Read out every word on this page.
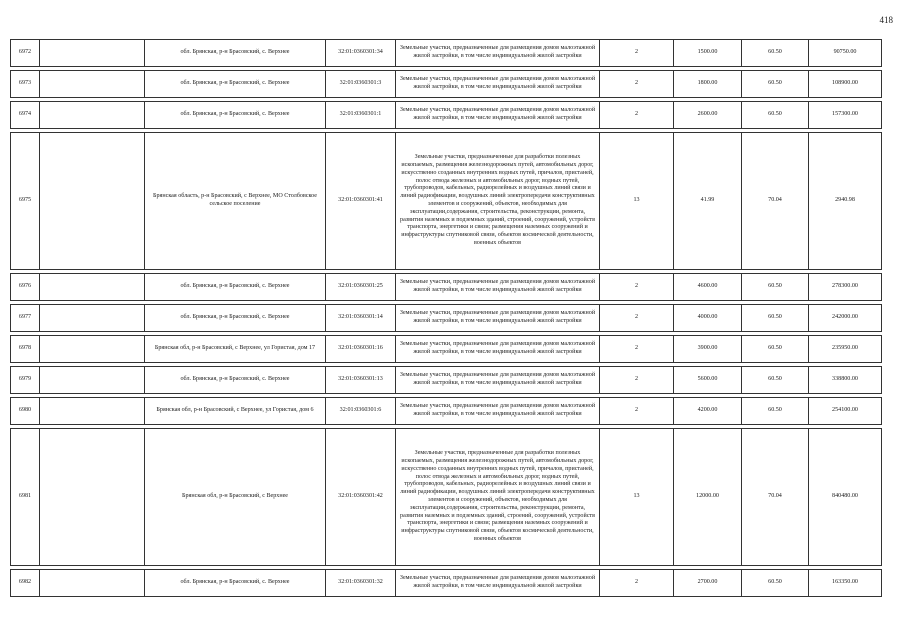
418
6972		обл. Брянская, р-н Брасовский, с. Верхнее	32:01:0360301:34	Земельные участки, предназначенные для размещения домов малоэтажной жилой застройки, в том числе индивидуальной жилой застройки	2	1500.00	60.50	90750.00

6973		обл. Брянская, р-н Брасовский, с. Верхнее	32:01:0360301:3	Земельные участки, предназначенные для размещения домов малоэтажной жилой застройки, в том числе индивидуальной жилой застройки	2	1800.00	60.50	108900.00

6974		обл. Брянская, р-н Брасовский, с. Верхнее	32:01:0360301:1	Земельные участки, предназначенные для размещения домов малоэтажной жилой застройки, в том числе индивидуальной жилой застройки	2	2600.00	60.50	157300.00

6975		Брянская область, р-н Брасовский, с Верхнее, МО Столбовское сельское поселение	32:01:0360301:41	Земельные участки, предназначенные для разработки полезных ископаемых, размещения железнодорожных путей, автомобильных дорог, искусственно созданных внутренних водных путей, причалов, пристаней, полос отвода железных и автомобильных дорог, водных путей, трубопроводов, кабельных, радиорелейных и воздушных линий связи и линий радиофикации, воздушных линий электропередачи конструктивных элементов и сооружений, объектов, необходимых для эксплуатации,содержания, строительства, реконструкции, ремонта, развития наземных и подземных зданий, строений, сооружений, устройств транспорта, энергетики и связи; размещения наземных сооружений и инфраструктуры спутниковой связи, объектов космической деятельности, военных объектов	13	41.99	70.04	2940.98

6976		обл. Брянская, р-н Брасовский, с. Верхнее	32:01:0360301:25	Земельные участки, предназначенные для размещения домов малоэтажной жилой застройки, в том числе индивидуальной жилой застройки	2	4600.00	60.50	278300.00

6977		обл. Брянская, р-н Брасовский, с. Верхнее	32:01:0360301:14	Земельные участки, предназначенные для размещения домов малоэтажной жилой застройки, в том числе индивидуальной жилой застройки	2	4000.00	60.50	242000.00

6978		Брянская обл, р-н Брасовский, с Верхнее, ул Гористая, дом 17	32:01:0360301:16	Земельные участки, предназначенные для размещения домов малоэтажной жилой застройки, в том числе индивидуальной жилой застройки	2	3900.00	60.50	235950.00

6979		обл. Брянская, р-н Брасовский, с. Верхнее	32:01:0360301:13	Земельные участки, предназначенные для размещения домов малоэтажной жилой застройки, в том числе индивидуальной жилой застройки	2	5600.00	60.50	338800.00

6980		Брянская обл, р-н Брасовский, с Верхнее, ул Гористая, дом 6	32:01:0360301:6	Земельные участки, предназначенные для размещения домов малоэтажной жилой застройки, в том числе индивидуальной жилой застройки	2	4200.00	60.50	254100.00

6981		Брянская обл, р-н Брасовский, с Верхнее	32:01:0360301:42	Земельные участки, предназначенные для разработки полезных ископаемых, размещения железнодорожных путей, автомобильных дорог, искусственно созданных внутренних водных путей, причалов, пристаней, полос отвода железных и автомобильных дорог, водных путей, трубопроводов, кабельных, радиорелейных и воздушных линий связи и линий радиофикации, воздушных линий электропередачи конструктивных элементов и сооружений, объектов, необходимых для эксплуатации,содержания, строительства, реконструкции, ремонта, развития наземных и подземных зданий, строений, сооружений, устройств транспорта, энергетики и связи; размещения наземных сооружений и инфраструктуры спутниковой связи, объектов космической деятельности, военных объектов	13	12000.00	70.04	840480.00

6982		обл. Брянская, р-н Брасовский, с. Верхнее	32:01:0360301:32	Земельные участки, предназначенные для размещения домов малоэтажной жилой застройки, в том числе индивидуальной жилой застройки	2	2700.00	60.50	163350.00
